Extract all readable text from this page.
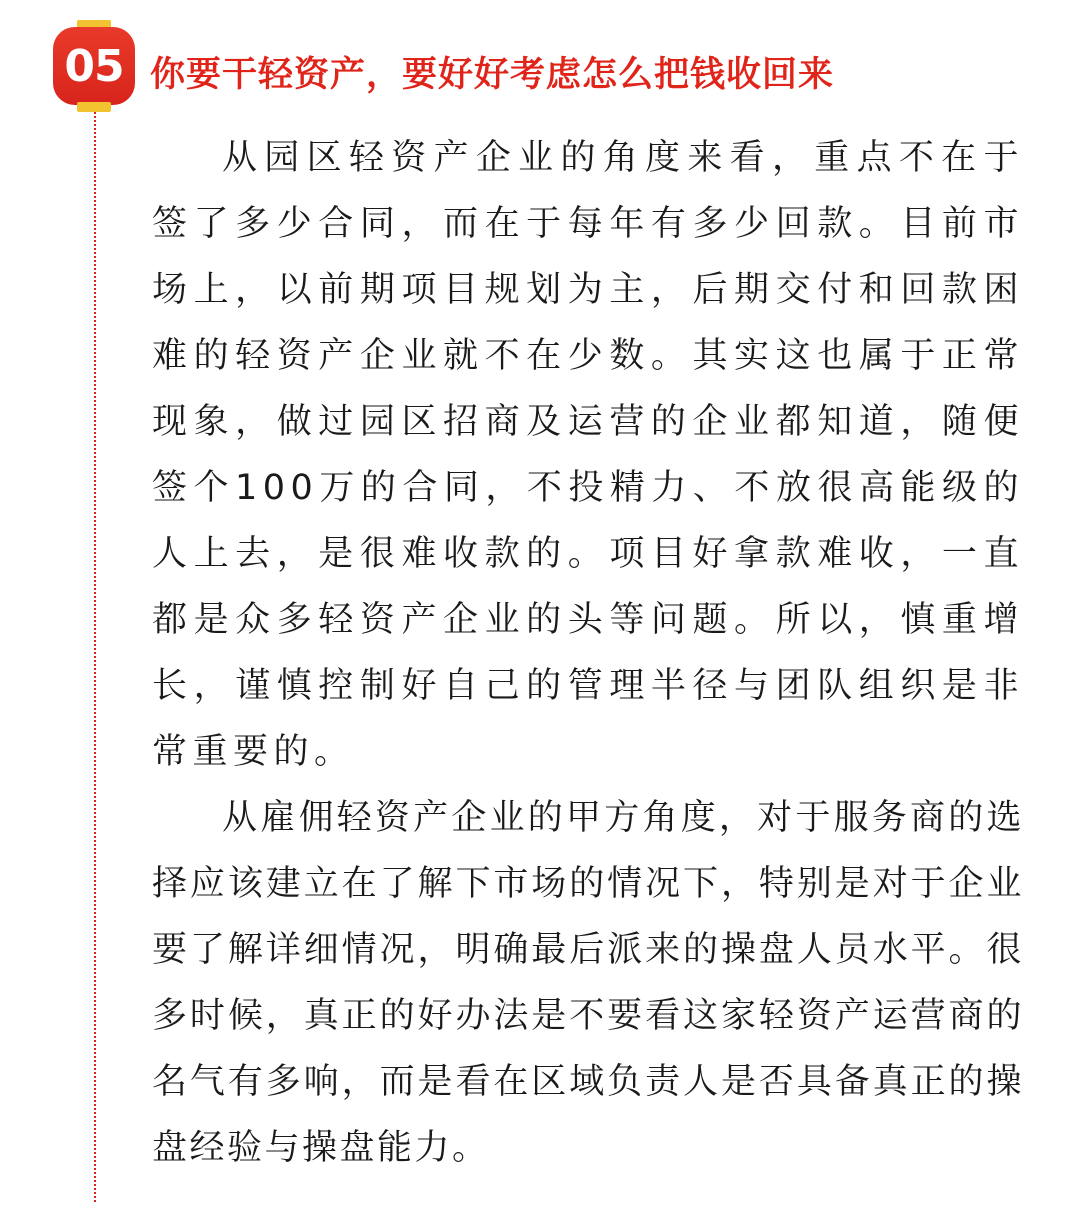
05 你要干轻资产，要好好考虑怎么把钱收回来

从园区轻资产企业的角度来看，重点不在于签了多少合同，而在于每年有多少回款。目前市场上，以前期项目规划为主，后期交付和回款困难的轻资产企业就不在少数。其实这也属于正常现象，做过园区招商及运营的企业都知道，随便签个100万的合同，不投精力、不放很高能级的人上去，是很难收款的。项目好拿款难收，一直都是众多轻资产企业的头等问题。所以，慎重增长，谨慎控制好自己的管理半径与团队组织是非常重要的。

从雇佣轻资产企业的甲方角度，对于服务商的选择应该建立在了解下市场的情况下，特别是对于企业要了解详细情况，明确最后派来的操盘人员水平。很多时候，真正的好办法是不要看这家轻资产运营商的名气有多响，而是看在区域负责人是否具备真正的操盘经验与操盘能力。
